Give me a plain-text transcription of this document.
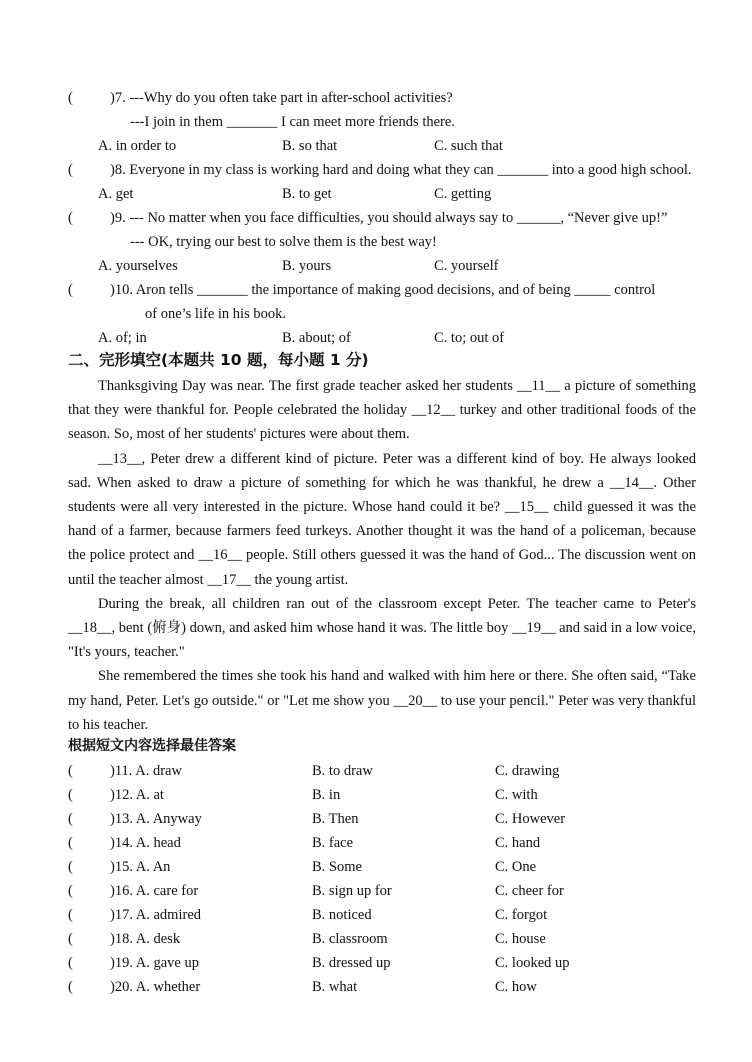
(	)7. ---Why do you often take part in after-school activities?
---I join in them _______ I can meet more friends there.
A. in order to	B. so that	C. such that
(	)8. Everyone in my class is working hard and doing what they can _______ into a good high school.
A. get	B. to get	C. getting
(	)9. --- No matter when you face difficulties, you should always say to ______, “Never give up!”
--- OK, trying our best to solve them is the best way!
A. yourselves	B. yours	C. yourself
(	)10. Aron tells _______ the importance of making good decisions, and of being _____ control
of one’s life in his book.
A. of; in	B. about; of	C. to; out of
二、完形填空(本题共 10 题，每小题 1 分)

Thanksgiving Day was near. The first grade teacher asked her students __11__ a picture of something that they were thankful for. People celebrated the holiday __12__ turkey and other traditional foods of the season. So, most of her students' pictures were about them.

__13__, Peter drew a different kind of picture. Peter was a different kind of boy. He always looked sad. When asked to draw a picture of something for which he was thankful, he drew a __14__. Other students were all very interested in the picture. Whose hand could it be? __15__ child guessed it was the hand of a farmer, because farmers feed turkeys. Another thought it was the hand of a policeman, because the police protect and __16__ people. Still others guessed it was the hand of God... The discussion went on until the teacher almost __17__ the young artist.

During the break, all children ran out of the classroom except Peter. The teacher came to Peter's __18__, bent (俯身) down, and asked him whose hand it was. The little boy __19__ and said in a low voice, "It's yours, teacher."

She remembered the times she took his hand and walked with him here or there. She often said, “Take my hand, Peter. Let's go outside." or "Let me show you __20__ to use your pencil." Peter was very thankful to his teacher.

根据短文内容选择最佳答案
(	)11. A. draw	B. to draw	C. drawing
(	)12. A. at	B. in	C. with
(	)13. A. Anyway	B. Then	C. However
(	)14. A. head	B. face	C. hand
(	)15. A. An	B. Some	C. One
(	)16. A. care for	B. sign up for	C. cheer for
(	)17. A. admired	B. noticed	C. forgot
(	)18. A. desk	B. classroom	C. house
(	)19. A. gave up	B. dressed up	C. looked up
(	)20. A. whether	B. what	C. how
